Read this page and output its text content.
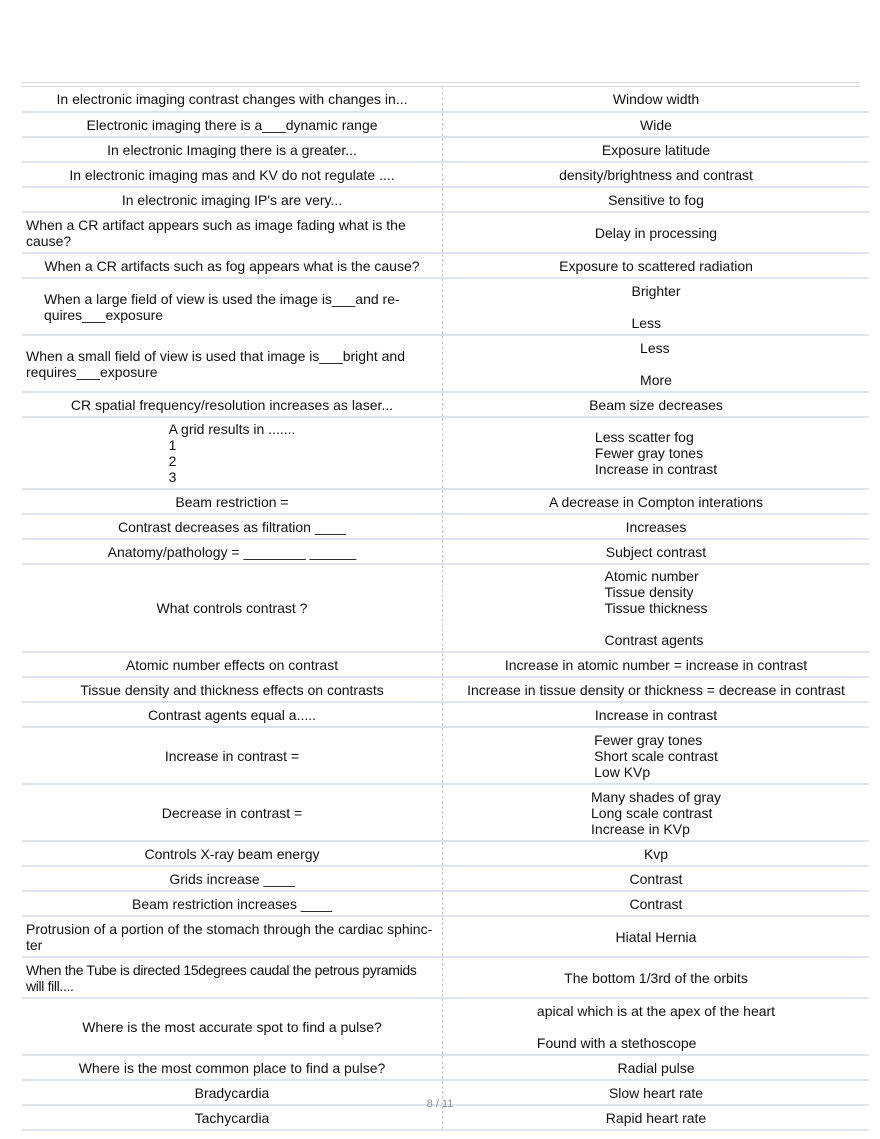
In electronic imaging contrast changes with changes in...	Window width
Electronic imaging there is a___dynamic range	Wide
In electronic Imaging there is a greater...	Exposure latitude
In electronic imaging mas and KV do not regulate ....	density/brightness and contrast
In electronic imaging IP's are very...	Sensitive to fog
When a CR artifact appears such as image fading what is the cause?	Delay in processing
When a CR artifacts such as fog appears what is the cause?	Exposure to scattered radiation

When a large field of view is used the image is___and re-
quires___exposure	Brighter
Less

When a small field of view is used that image is___bright and requires___exposure	Less
More

CR spatial frequency/resolution increases as laser...	Beam size decreases

A grid results in .......
1
2
3	Less scatter fog
Fewer gray tones
Increase in contrast

Beam restriction =	A decrease in Compton interations
Contrast decreases as filtration ____	Increases
Anatomy/pathology = ________ ______	Subject contrast
What controls contrast ?	Atomic number
Tissue density
Tissue thickness
Contrast agents

Atomic number effects on contrast	Increase in atomic number = increase in contrast
Tissue density and thickness effects on contrasts	Increase in tissue density or thickness = decrease in contrast
Contrast agents equal a.....	Increase in contrast
Increase in contrast =	Fewer gray tones
Short scale contrast
Low KVp

Decrease in contrast =	Many shades of gray
Long scale contrast
Increase in KVp

Controls X-ray beam energy	Kvp
Grids increase ____	Contrast
Beam restriction increases ____	Contrast

Protrusion of a portion of the stomach through the cardiac sphinc-
ter	Hiatal Hernia

When the Tube is directed 15degrees caudal the petrous pyramids
will fill....	The bottom 1/3rd of the orbits
Where is the most accurate spot to find a pulse?	apical which is at the apex of the heart
Found with a stethoscope

Where is the most common place to find a pulse?	Radial pulse
Bradycardia	Slow heart rate
Tachycardia	Rapid heart rate
8 / 11
